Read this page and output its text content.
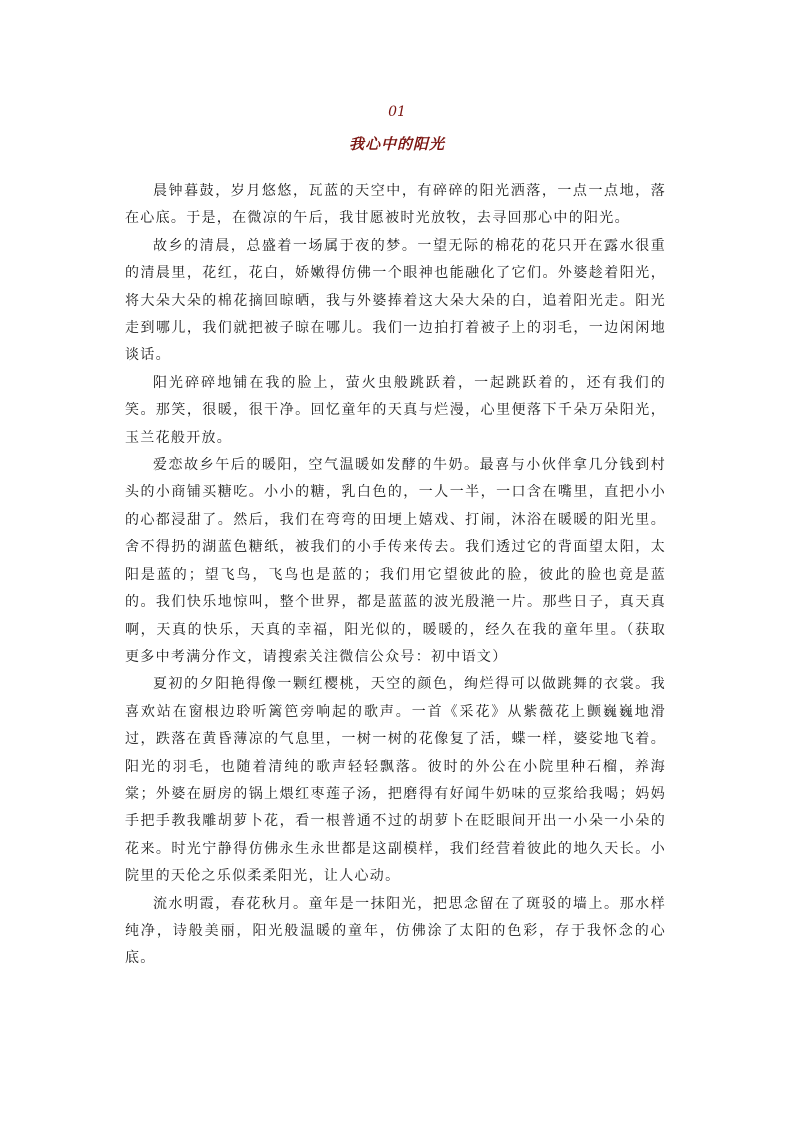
01
我心中的阳光

晨钟暮鼓，岁月悠悠，瓦蓝的天空中，有碎碎的阳光洒落，一点一点地，落在心底。于是，在微凉的午后，我甘愿被时光放牧，去寻回那心中的阳光。

故乡的清晨，总盛着一场属于夜的梦。一望无际的棉花的花只开在露水很重的清晨里，花红，花白，娇嫩得仿佛一个眼神也能融化了它们。外婆趁着阳光，将大朵大朵的棉花摘回晾晒，我与外婆捧着这大朵大朵的白，追着阳光走。阳光走到哪儿，我们就把被子晾在哪儿。我们一边拍打着被子上的羽毛，一边闲闲地谈话。

阳光碎碎地铺在我的脸上，萤火虫般跳跃着，一起跳跃着的，还有我们的笑。那笑，很暖，很干净。回忆童年的天真与烂漫，心里便落下千朵万朵阳光，玉兰花般开放。

爱恋故乡午后的暖阳，空气温暖如发酵的牛奶。最喜与小伙伴拿几分钱到村头的小商铺买糖吃。小小的糖，乳白色的，一人一半，一口含在嘴里，直把小小的心都浸甜了。然后，我们在弯弯的田埂上嬉戏、打闹，沐浴在暖暖的阳光里。舍不得扔的湖蓝色糖纸，被我们的小手传来传去。我们透过它的背面望太阳，太阳是蓝的；望飞鸟，飞鸟也是蓝的；我们用它望彼此的脸，彼此的脸也竟是蓝的。我们快乐地惊叫，整个世界，都是蓝蓝的波光殷滟一片。那些日子，真天真啊，天真的快乐，天真的幸福，阳光似的，暖暖的，经久在我的童年里。（获取更多中考满分作文，请搜索关注微信公众号：初中语文）

夏初的夕阳艳得像一颗红樱桃，天空的颜色，绚烂得可以做跳舞的衣裳。我喜欢站在窗根边聆听篱笆旁响起的歌声。一首《采花》从紫薇花上颤巍巍地滑过，跌落在黄昏薄凉的气息里，一树一树的花像复了活，蝶一样，婆娑地飞着。阳光的羽毛，也随着清纯的歌声轻轻飘落。彼时的外公在小院里种石榴，养海棠；外婆在厨房的锅上煨红枣莲子汤，把磨得有好闻牛奶味的豆浆给我喝；妈妈手把手教我雕胡萝卜花，看一根普通不过的胡萝卜在眨眼间开出一小朵一小朵的花来。时光宁静得仿佛永生永世都是这副模样，我们经营着彼此的地久天长。小院里的天伦之乐似柔柔阳光，让人心动。

流水明霞，春花秋月。童年是一抹阳光，把思念留在了斑驳的墙上。那水样纯净，诗般美丽，阳光般温暖的童年，仿佛涂了太阳的色彩，存于我怀念的心底。
